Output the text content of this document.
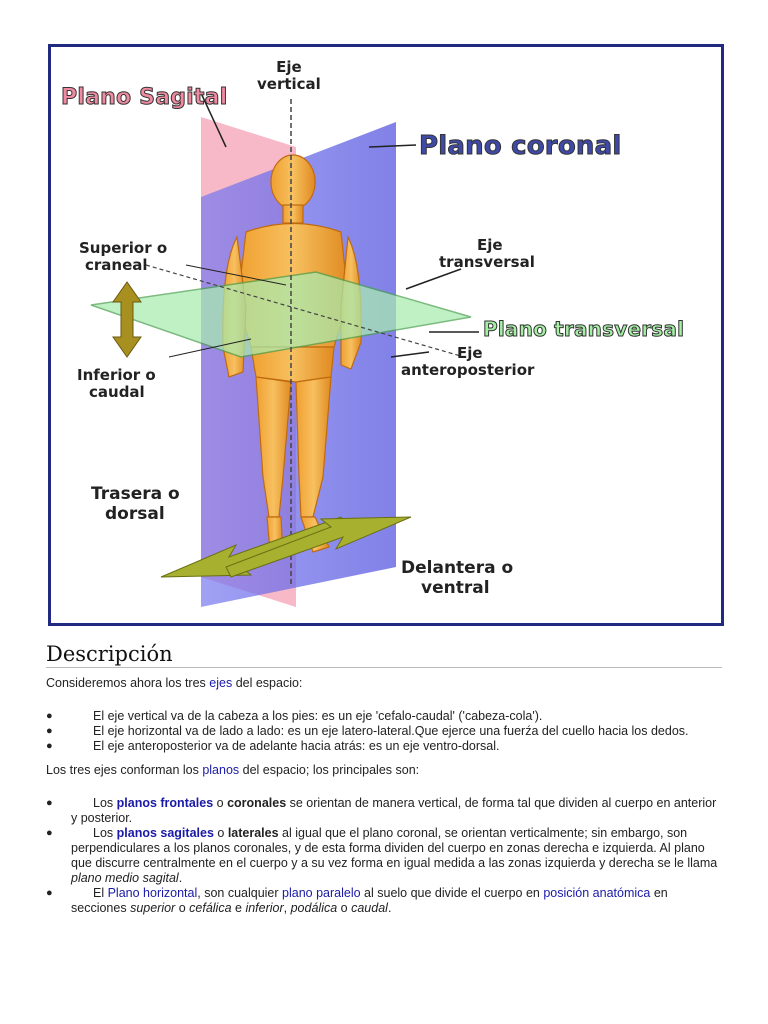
Plano Sagital
Eje
vertical
Plano coronal
Superior o
craneal
Eje
transversal
Plano transversal
Inferior o
caudal
Eje
anteroposterior
Trasera o
dorsal
Delantera o
ventral
Descripción

Consideremos ahora los tres ejes del espacio:

●	El eje vertical va de la cabeza a los pies: es un eje 'cefalo-caudal' ('cabeza-cola').
●	El eje horizontal va de lado a lado: es un eje latero-lateral.Que ejerce una fuerźa del cuello hacia los dedos.
●	El eje anteroposterior va de adelante hacia atrás: es un eje ventro-dorsal.

Los tres ejes conforman los planos del espacio; los principales son:

●	Los planos frontales o coronales se orientan de manera vertical, de forma tal que dividen al cuerpo en anterior y posterior.
●	Los planos sagitales o laterales al igual que el plano coronal, se orientan verticalmente; sin embargo, son perpendiculares a los planos coronales, y de esta forma dividen del cuerpo en zonas derecha e izquierda. Al plano que discurre centralmente en el cuerpo y a su vez forma en igual medida a las zonas izquierda y derecha se le llama plano medio sagital.
●	El Plano horizontal, son cualquier plano paralelo al suelo que divide el cuerpo en posición anatómica en secciones superior o cefálica e inferior, podálica o caudal.
